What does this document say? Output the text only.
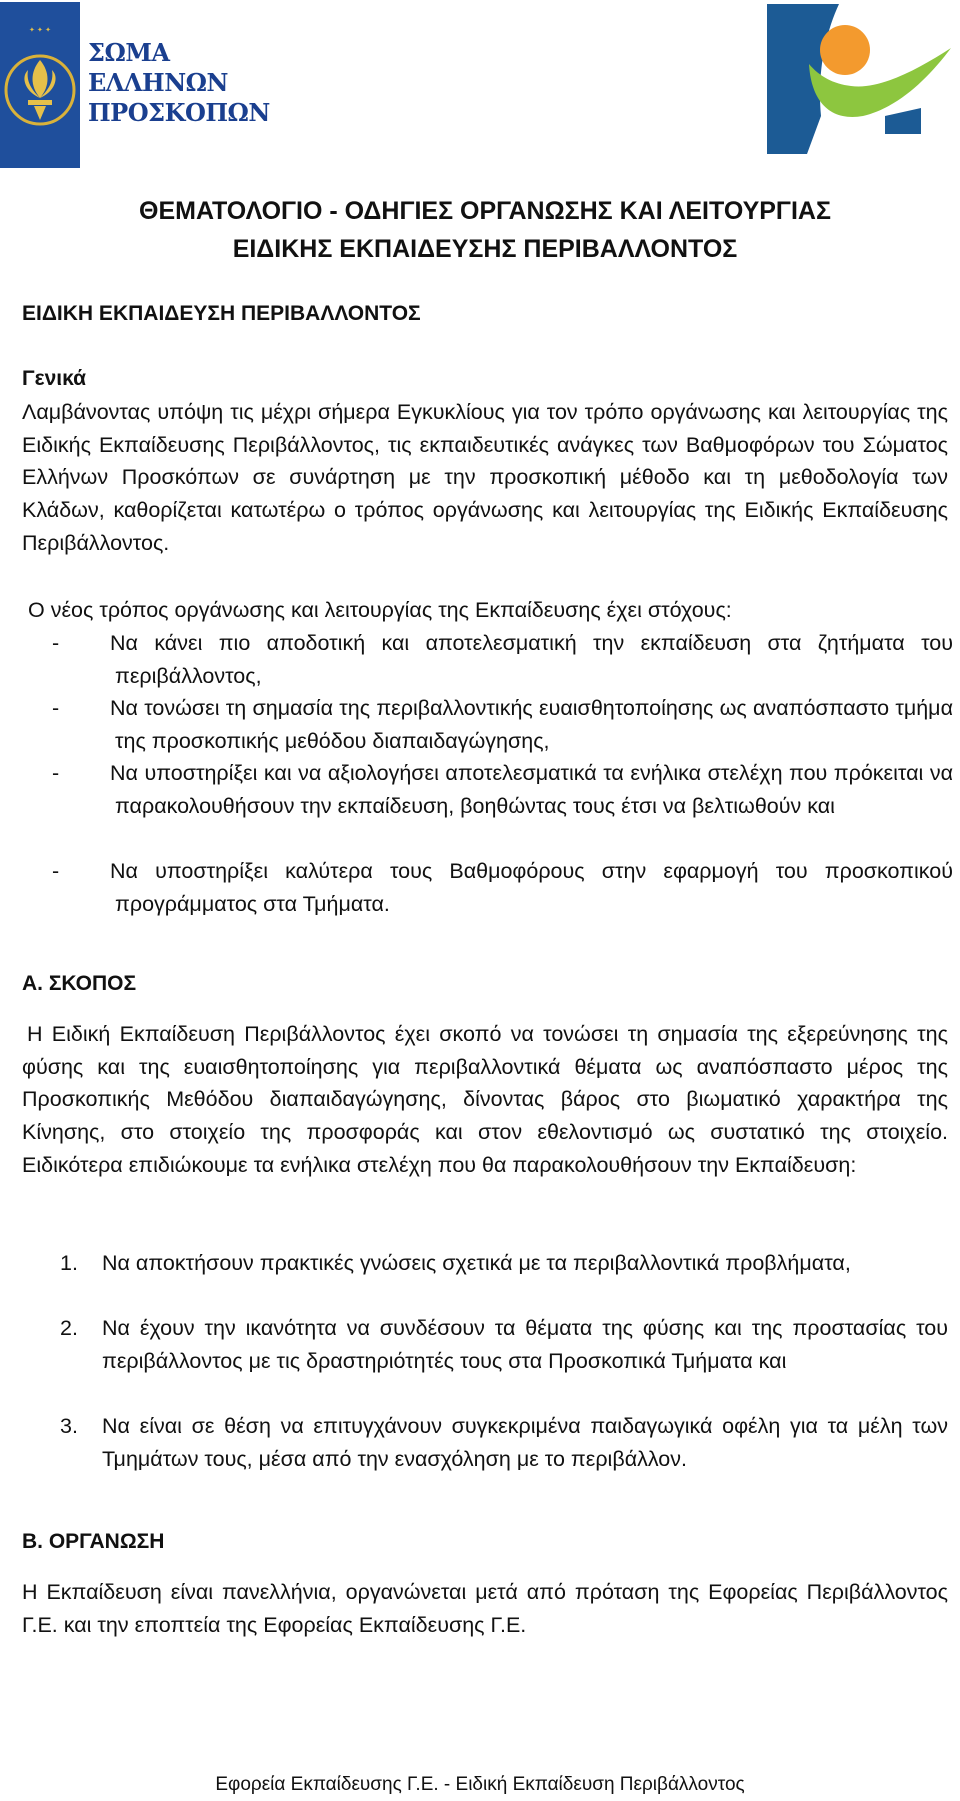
✦ ✦ ✦
ΣΩΜΑ
ΕΛΛΗΝΩΝ
ΠΡΟΣΚΟΠΩΝ
ΘΕΜΑΤΟΛΟΓΙΟ - ΟΔΗΓΙΕΣ ΟΡΓΑΝΩΣΗΣ ΚΑΙ ΛΕΙΤΟΥΡΓΙΑΣ
ΕΙΔΙΚΗΣ ΕΚΠΑΙΔΕΥΣΗΣ ΠΕΡΙΒΑΛΛΟΝΤΟΣ
ΕΙΔΙΚΗ ΕΚΠΑΙΔΕΥΣΗ ΠΕΡΙΒΑΛΛΟΝΤΟΣ
Γενικά
Λαμβάνοντας υπόψη τις μέχρι σήμερα Εγκυκλίους για τον τρόπο οργάνωσης και λειτουργίας της Ειδικής Εκπαίδευσης Περιβάλλοντος, τις εκπαιδευτικές ανάγκες των Βαθμοφόρων του Σώματος Ελλήνων Προσκόπων σε συνάρτηση με την προσκοπική μέθοδο και τη μεθοδολογία των Κλάδων, καθορίζεται κατωτέρω ο τρόπος οργάνωσης και λειτουργίας της Ειδικής Εκπαίδευσης Περιβάλλοντος.
Ο νέος τρόπος οργάνωσης και λειτουργίας της Εκπαίδευσης έχει στόχους:
- Να κάνει πιο αποδοτική και αποτελεσματική την εκπαίδευση στα ζητήματα του περιβάλλοντος,
- Να τονώσει τη σημασία της περιβαλλοντικής ευαισθητοποίησης ως αναπόσπαστο τμήμα της προσκοπικής μεθόδου διαπαιδαγώγησης,
- Να υποστηρίξει και να αξιολογήσει αποτελεσματικά τα ενήλικα στελέχη που πρόκειται να παρακολουθήσουν την εκπαίδευση, βοηθώντας τους έτσι να βελτιωθούν και
- Να υποστηρίξει καλύτερα τους Βαθμοφόρους στην εφαρμογή του προσκοπικού προγράμματος στα Τμήματα.
Α. ΣΚΟΠΟΣ
Η Ειδική Εκπαίδευση Περιβάλλοντος έχει σκοπό να τονώσει τη σημασία της εξερεύνησης της φύσης και της ευαισθητοποίησης για περιβαλλοντικά θέματα ως αναπόσπαστο μέρος της Προσκοπικής Μεθόδου διαπαιδαγώγησης, δίνοντας βάρος στο βιωματικό χαρακτήρα της Κίνησης, στο στοιχείο της προσφοράς και στον εθελοντισμό ως συστατικό της στοιχείο. Ειδικότερα επιδιώκουμε τα ενήλικα στελέχη που θα παρακολουθήσουν την Εκπαίδευση:
1. Να αποκτήσουν πρακτικές γνώσεις σχετικά με τα περιβαλλοντικά προβλήματα,
2. Να έχουν την ικανότητα να συνδέσουν τα θέματα της φύσης και της προστασίας του περιβάλλοντος με τις δραστηριότητές τους στα Προσκοπικά Τμήματα και
3. Να είναι σε θέση να επιτυγχάνουν συγκεκριμένα παιδαγωγικά οφέλη για τα μέλη των Τμημάτων τους, μέσα από την ενασχόληση με το περιβάλλον.
Β. ΟΡΓΑΝΩΣΗ
Η Εκπαίδευση είναι πανελλήνια, οργανώνεται μετά από πρόταση της Εφορείας Περιβάλλοντος Γ.Ε. και την εποπτεία της Εφορείας Εκπαίδευσης Γ.Ε.
Εφορεία Εκπαίδευσης Γ.Ε. - Ειδική Εκπαίδευση Περιβάλλοντος
